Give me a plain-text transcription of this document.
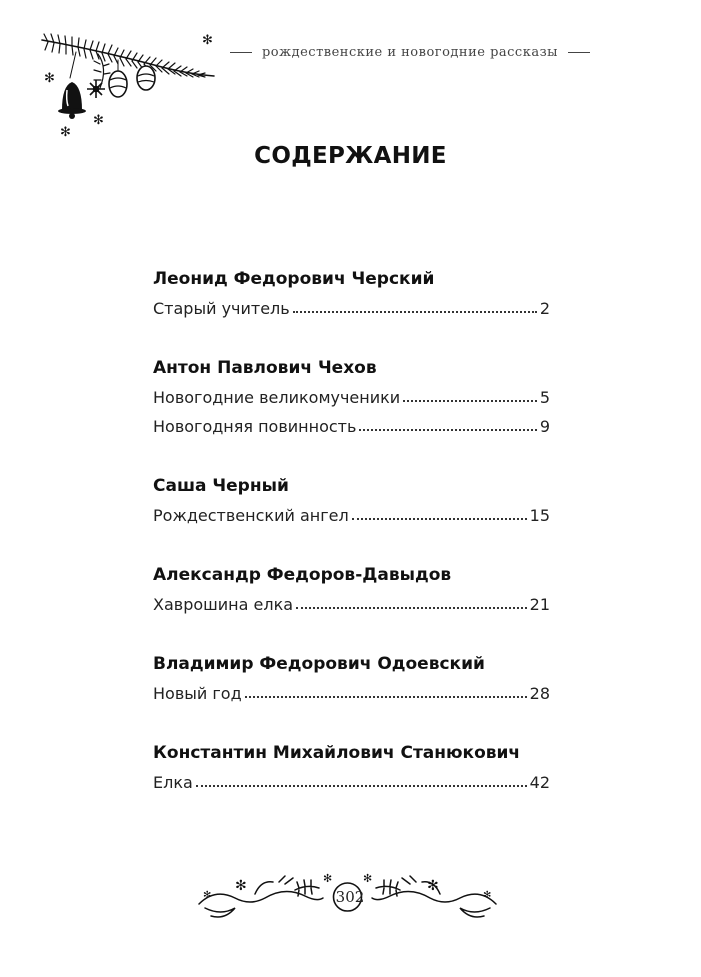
✻
✻
✻
✻
рождественские и новогодние рассказы
СОДЕРЖАНИЕ
Леонид Федорович Черский
Старый учитель	2
Антон Павлович Чехов
Новогодние великомученики	5
Новогодняя повинность	9
Саша Черный
Рождественский ангел	15
Александр Федоров-Давыдов
Хаврошина елка	21
Владимир Федорович Одоевский
Новый год	28
Константин Михайлович Станюкович
Елка	42
✻
✻
✻	✻
✻
✻
302
